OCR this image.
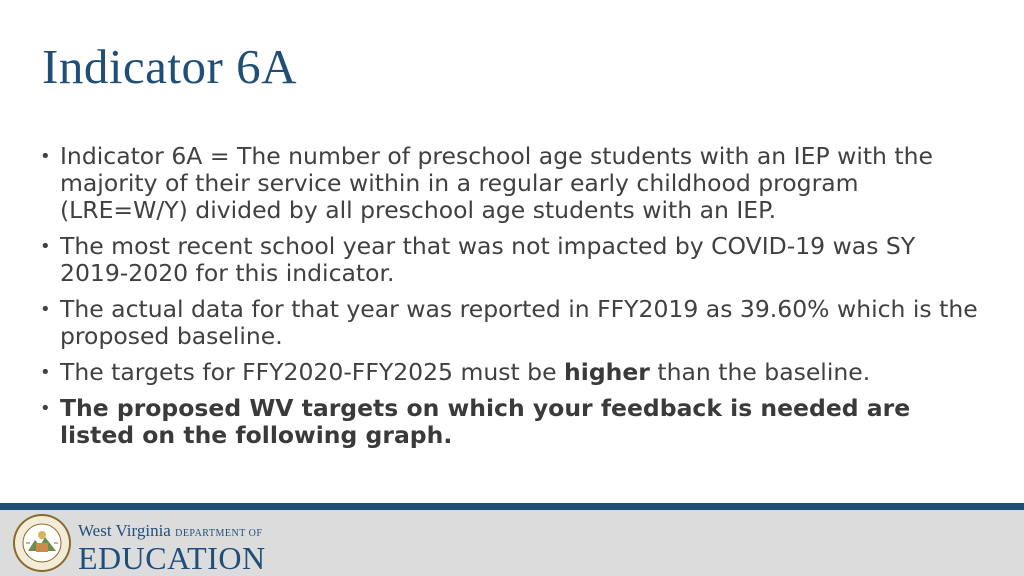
Indicator 6A
• Indicator 6A = The number of preschool age students with an IEP with the majority of their service within in a regular early childhood program (LRE=W/Y) divided by all preschool age students with an IEP.
• The most recent school year that was not impacted by COVID-19 was SY 2019-2020 for this indicator.
• The actual data for that year was reported in FFY2019 as 39.60% which is the proposed baseline.
• The targets for FFY2020-FFY2025 must be higher than the baseline.
• The proposed WV targets on which your feedback is needed are listed on the following graph.
West Virginia DEPARTMENT OF
EDUCATION
